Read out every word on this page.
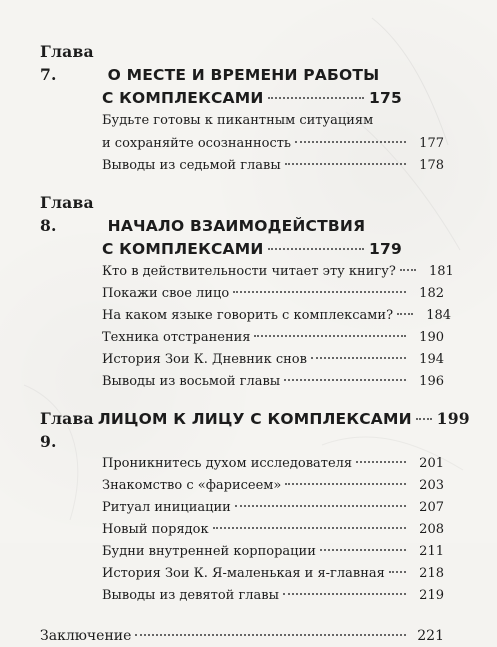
Глава 7.	О МЕСТЕ И ВРЕМЕНИ РАБОТЫ
С КОМПЛЕКСАМИ	175
Будьте готовы к пикантным ситуациям
и сохраняйте осознанность	177
Выводы из седьмой главы	178
Глава 8.	НАЧАЛО ВЗАИМОДЕЙСТВИЯ
С КОМПЛЕКСАМИ	179
Кто в действительности читает эту книгу?	181
Покажи свое лицо	182
На каком языке говорить с комплексами?	184
Техника отстранения	190
История Зои К. Дневник снов	194
Выводы из восьмой главы	196
Глава 9.
ЛИЦОМ К ЛИЦУ С КОМПЛЕКСАМИ 199
Проникнитесь духом исследователя	201
Знакомство с «фарисеем»	203
Ритуал инициации	207
Новый порядок	208
Будни внутренней корпорации	211
История Зои К. Я-маленькая и я-главная	218
Выводы из девятой главы	219
Заключение	221
